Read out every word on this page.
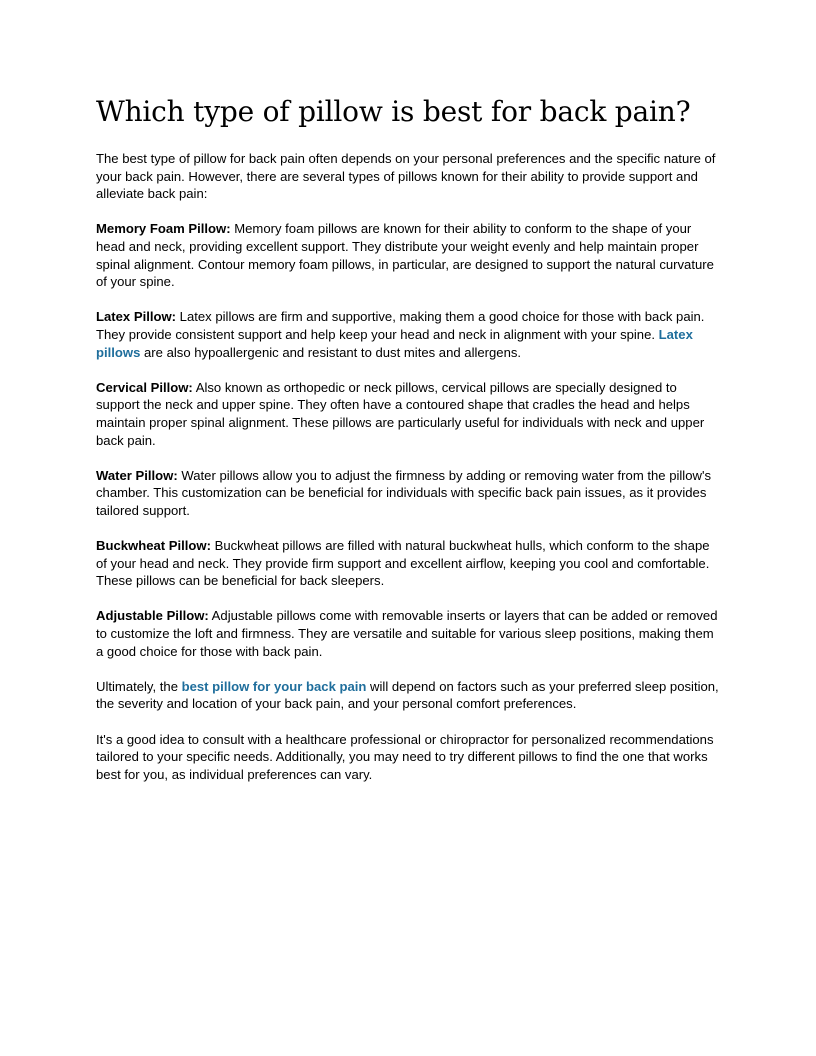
Which type of pillow is best for back pain?

The best type of pillow for back pain often depends on your personal preferences and the specific nature of your back pain. However, there are several types of pillows known for their ability to provide support and alleviate back pain:

Memory Foam Pillow: Memory foam pillows are known for their ability to conform to the shape of your head and neck, providing excellent support. They distribute your weight evenly and help maintain proper spinal alignment. Contour memory foam pillows, in particular, are designed to support the natural curvature of your spine.

Latex Pillow: Latex pillows are firm and supportive, making them a good choice for those with back pain. They provide consistent support and help keep your head and neck in alignment with your spine. Latex pillows are also hypoallergenic and resistant to dust mites and allergens.

Cervical Pillow: Also known as orthopedic or neck pillows, cervical pillows are specially designed to support the neck and upper spine. They often have a contoured shape that cradles the head and helps maintain proper spinal alignment. These pillows are particularly useful for individuals with neck and upper back pain.

Water Pillow: Water pillows allow you to adjust the firmness by adding or removing water from the pillow's chamber. This customization can be beneficial for individuals with specific back pain issues, as it provides tailored support.

Buckwheat Pillow: Buckwheat pillows are filled with natural buckwheat hulls, which conform to the shape of your head and neck. They provide firm support and excellent airflow, keeping you cool and comfortable. These pillows can be beneficial for back sleepers.

Adjustable Pillow: Adjustable pillows come with removable inserts or layers that can be added or removed to customize the loft and firmness. They are versatile and suitable for various sleep positions, making them a good choice for those with back pain.

Ultimately, the best pillow for your back pain will depend on factors such as your preferred sleep position, the severity and location of your back pain, and your personal comfort preferences.

It's a good idea to consult with a healthcare professional or chiropractor for personalized recommendations tailored to your specific needs. Additionally, you may need to try different pillows to find the one that works best for you, as individual preferences can vary.
